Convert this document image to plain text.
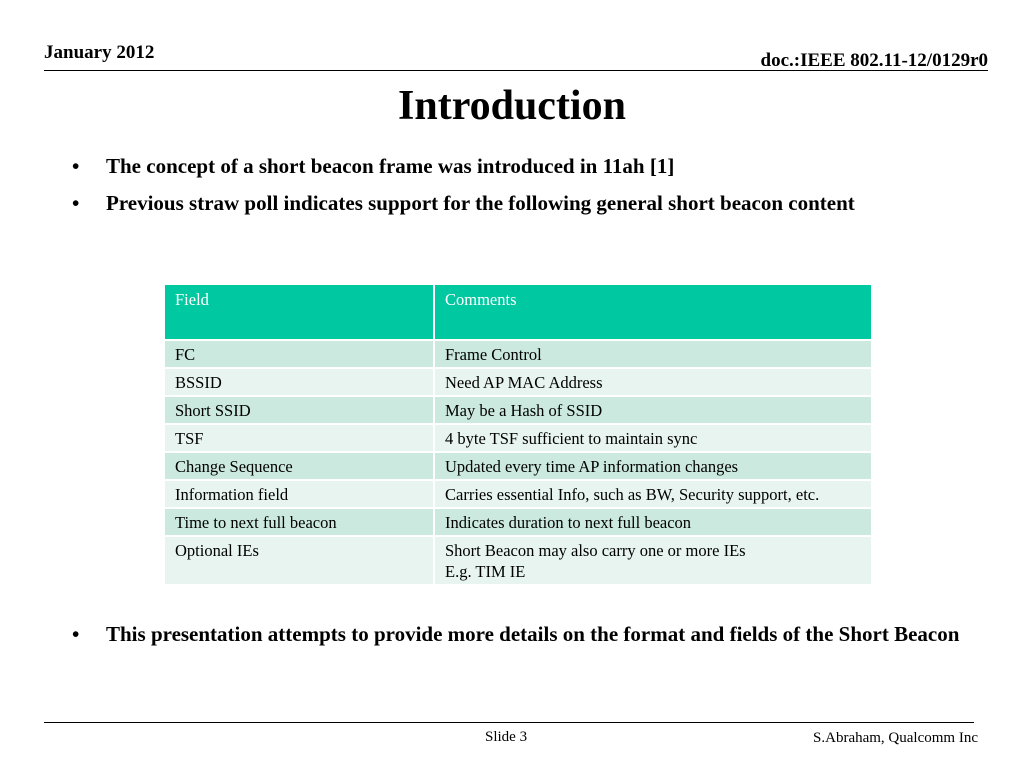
January 2012	doc.:IEEE 802.11-12/0129r0
Introduction
• The concept of a short beacon frame was introduced in 11ah [1]
• Previous straw poll indicates support for the following general short beacon content
Field	Comments
FC	Frame Control
BSSID	Need AP MAC Address
Short SSID	May be a Hash of SSID
TSF	4 byte TSF sufficient to maintain sync
Change Sequence	Updated every time AP information changes
Information field	Carries essential Info, such as BW, Security support, etc.
Time to next full beacon	Indicates duration to next full beacon
Optional IEs	Short Beacon may also carry one or more IEs
E.g. TIM IE
• This presentation attempts to provide more details on the format and fields of the Short Beacon
Slide 3	S.Abraham, Qualcomm Inc
